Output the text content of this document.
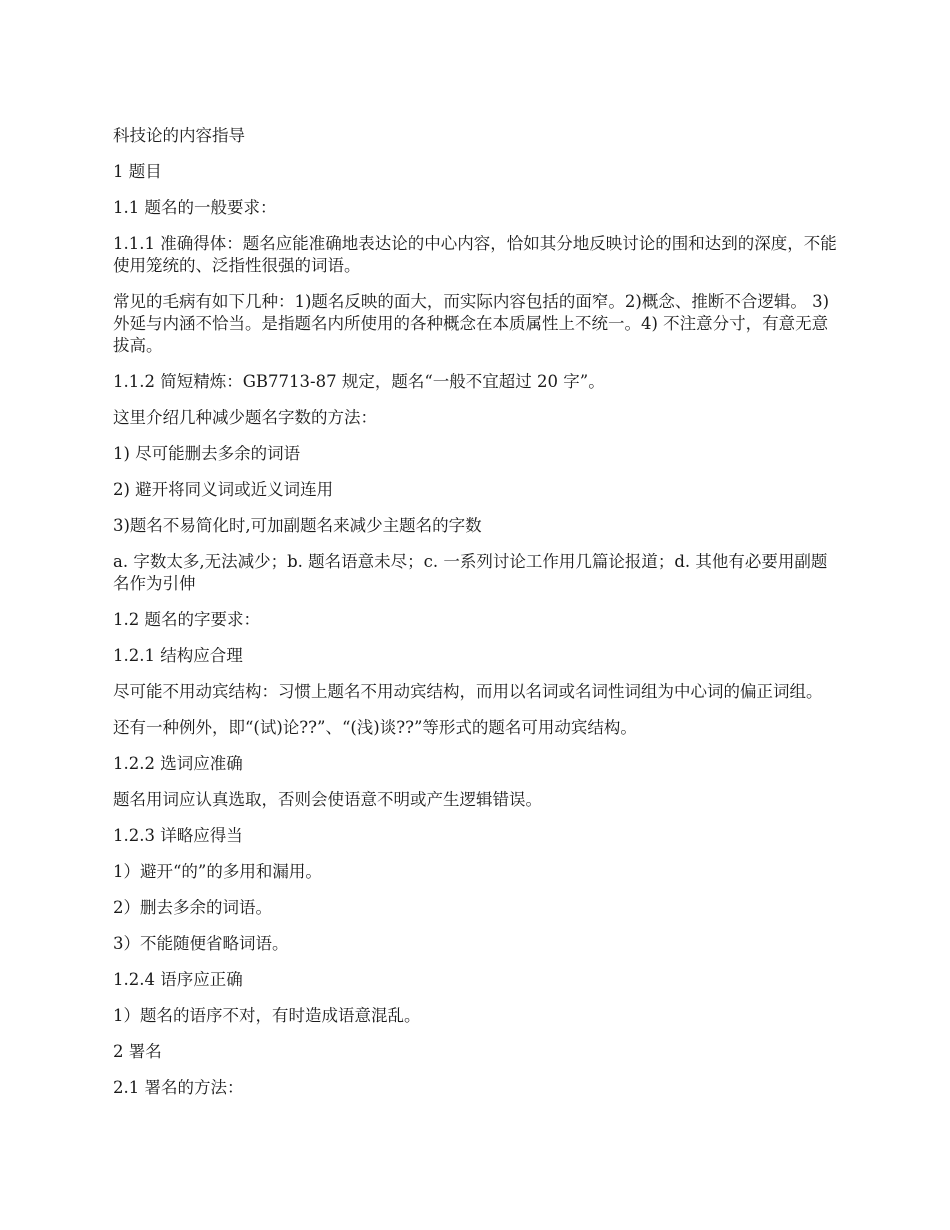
科技论的内容指导

1 题目

1.1 题名的一般要求：

1.1.1 准确得体：题名应能准确地表达论的中心内容，恰如其分地反映讨论的围和达到的深度，不能使用笼统的、泛指性很强的词语。

常见的毛病有如下几种：1)题名反映的面大，而实际内容包括的面窄。2)概念、推断不合逻辑。 3)外延与内涵不恰当。是指题名内所使用的各种概念在本质属性上不统一。4) 不注意分寸，有意无意拔高。

1.1.2 简短精炼：GB7713-87 规定，题名“一般不宜超过 20 字”。

这里介绍几种减少题名字数的方法：

1) 尽可能删去多余的词语

2) 避开将同义词或近义词连用

3)题名不易简化时,可加副题名来减少主题名的字数

a. 字数太多,无法减少；b. 题名语意未尽；c. 一系列讨论工作用几篇论报道；d. 其他有必要用副题名作为引伸

1.2 题名的字要求：

1.2.1 结构应合理

尽可能不用动宾结构：习惯上题名不用动宾结构，而用以名词或名词性词组为中心词的偏正词组。

还有一种例外，即“(试)论??”、“(浅)谈??”等形式的题名可用动宾结构。

1.2.2 选词应准确

题名用词应认真选取，否则会使语意不明或产生逻辑错误。

1.2.3 详略应得当

1）避开“的”的多用和漏用。

2）删去多余的词语。

3）不能随便省略词语。

1.2.4 语序应正确

1）题名的语序不对，有时造成语意混乱。

2 署名

2.1 署名的方法：
